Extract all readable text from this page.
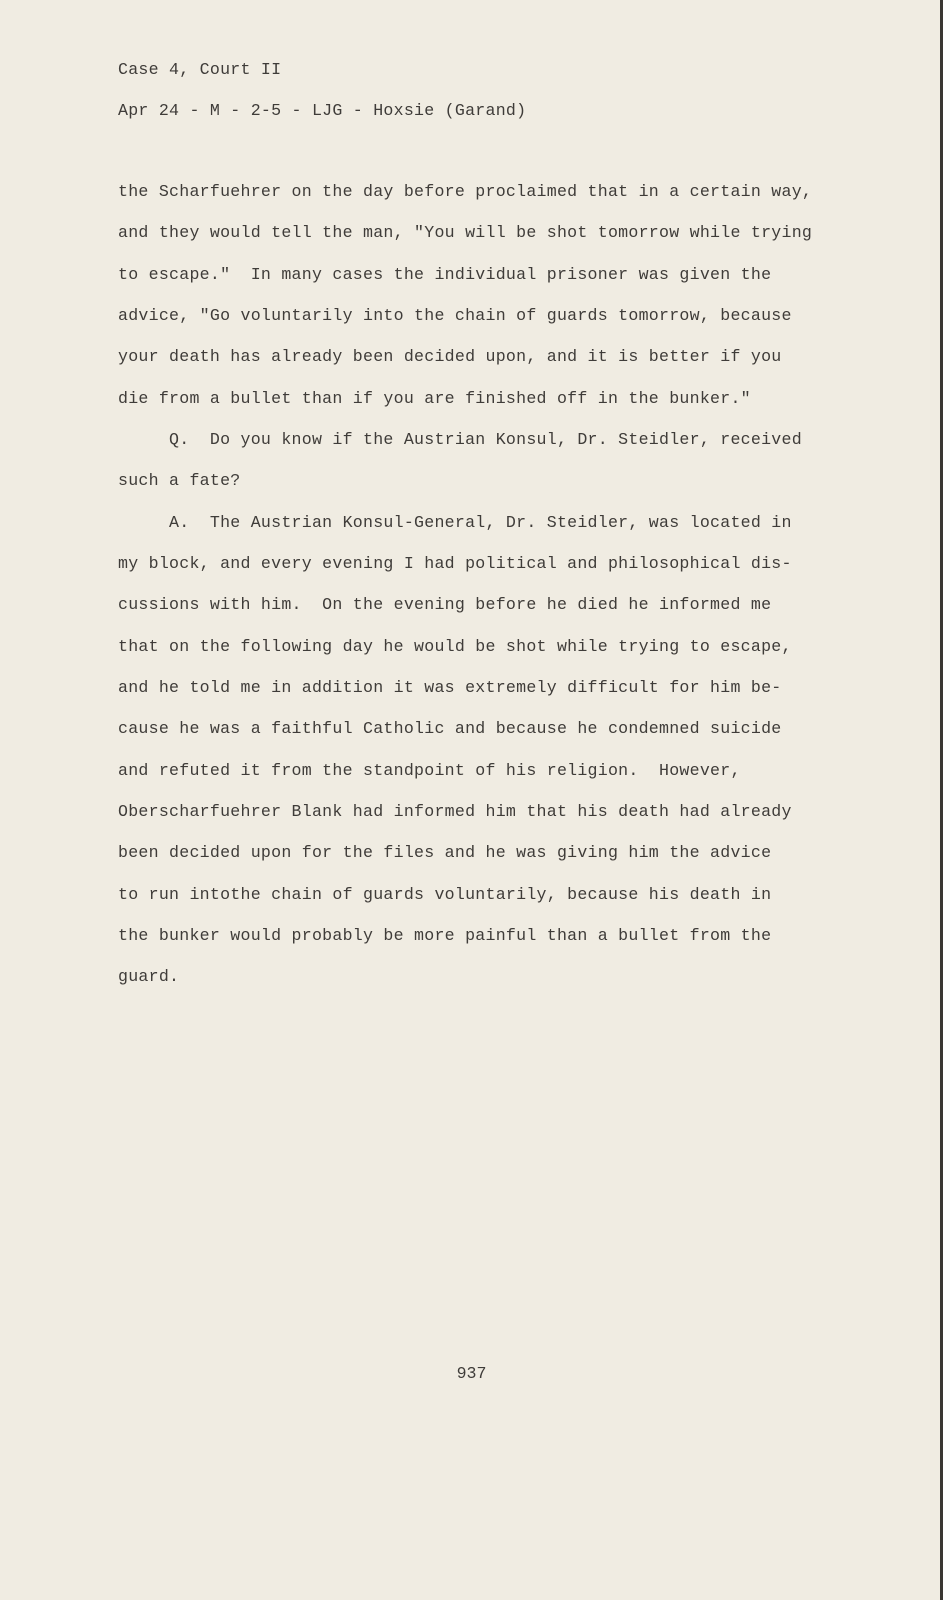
Case 4, Court II

Apr 24 - M - 2-5 - LJG - Hoxsie (Garand)

the Scharfuehrer on the day before proclaimed that in a certain way,

and they would tell the man, "You will be shot tomorrow while trying

to escape."  In many cases the individual prisoner was given the

advice, "Go voluntarily into the chain of guards tomorrow, because

your death has already been decided upon, and it is better if you

die from a bullet than if you are finished off in the bunker."

Q.  Do you know if the Austrian Konsul, Dr. Steidler, received

such a fate?

A.  The Austrian Konsul-General, Dr. Steidler, was located in

my block, and every evening I had political and philosophical dis-

cussions with him.  On the evening before he died he informed me

that on the following day he would be shot while trying to escape,

and he told me in addition it was extremely difficult for him be-

cause he was a faithful Catholic and because he condemned suicide

and refuted it from the standpoint of his religion.  However,

Oberscharfuehrer Blank had informed him that his death had already

been decided upon for the files and he was giving him the advice

to run intothe chain of guards voluntarily, because his death in

the bunker would probably be more painful than a bullet from the

guard.

937
